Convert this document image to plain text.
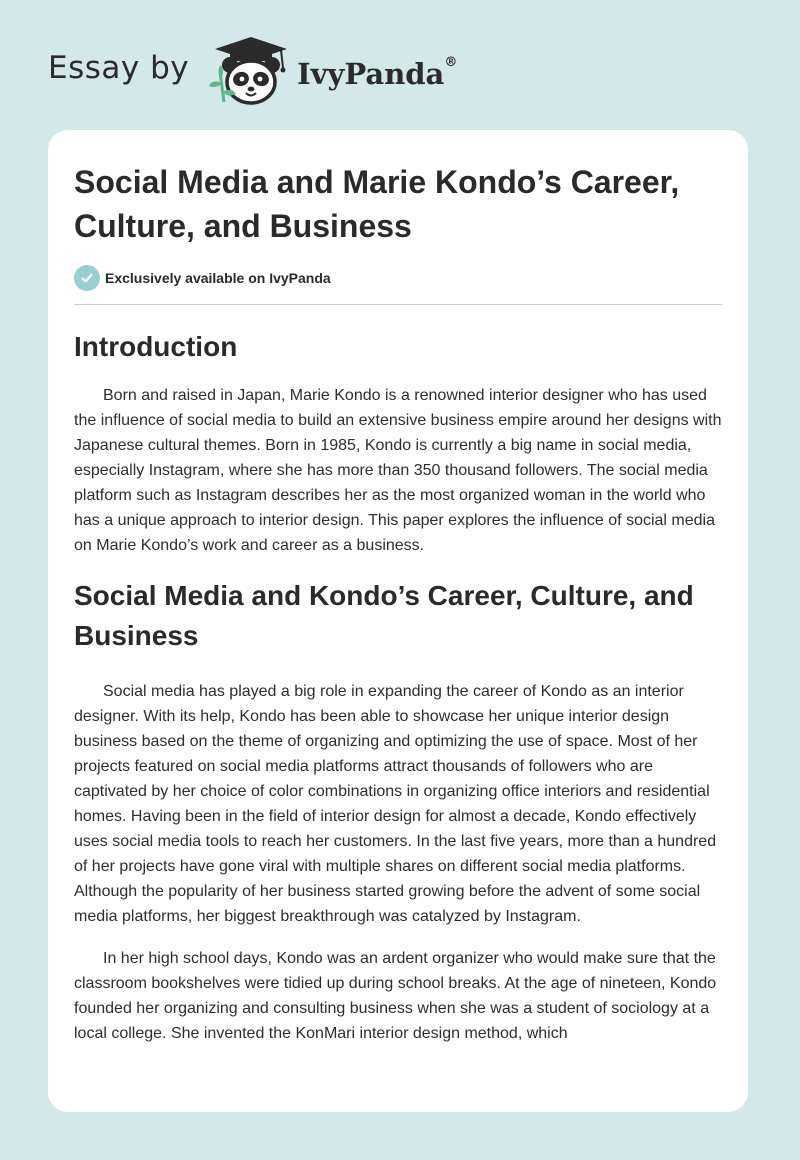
Essay by	IvyPanda®
Social Media and Marie Kondo’s Career, Culture, and Business
Exclusively available on IvyPanda
Introduction

Born and raised in Japan, Marie Kondo is a renowned interior designer who has used the influence of social media to build an extensive business empire around her designs with Japanese cultural themes. Born in 1985, Kondo is currently a big name in social media, especially Instagram, where she has more than 350 thousand followers. The social media platform such as Instagram describes her as the most organized woman in the world who has a unique approach to interior design. This paper explores the influence of social media on Marie Kondo’s work and career as a business.

Social Media and Kondo’s Career, Culture, and Business

Social media has played a big role in expanding the career of Kondo as an interior designer. With its help, Kondo has been able to showcase her unique interior design business based on the theme of organizing and optimizing the use of space. Most of her projects featured on social media platforms attract thousands of followers who are captivated by her choice of color combinations in organizing office interiors and residential homes. Having been in the field of interior design for almost a decade, Kondo effectively uses social media tools to reach her customers. In the last five years, more than a hundred of her projects have gone viral with multiple shares on different social media platforms. Although the popularity of her business started growing before the advent of some social media platforms, her biggest breakthrough was catalyzed by Instagram.

In her high school days, Kondo was an ardent organizer who would make sure that the classroom bookshelves were tidied up during school breaks. At the age of nineteen, Kondo founded her organizing and consulting business when she was a student of sociology at a local college. She invented the KonMari interior design method, which
